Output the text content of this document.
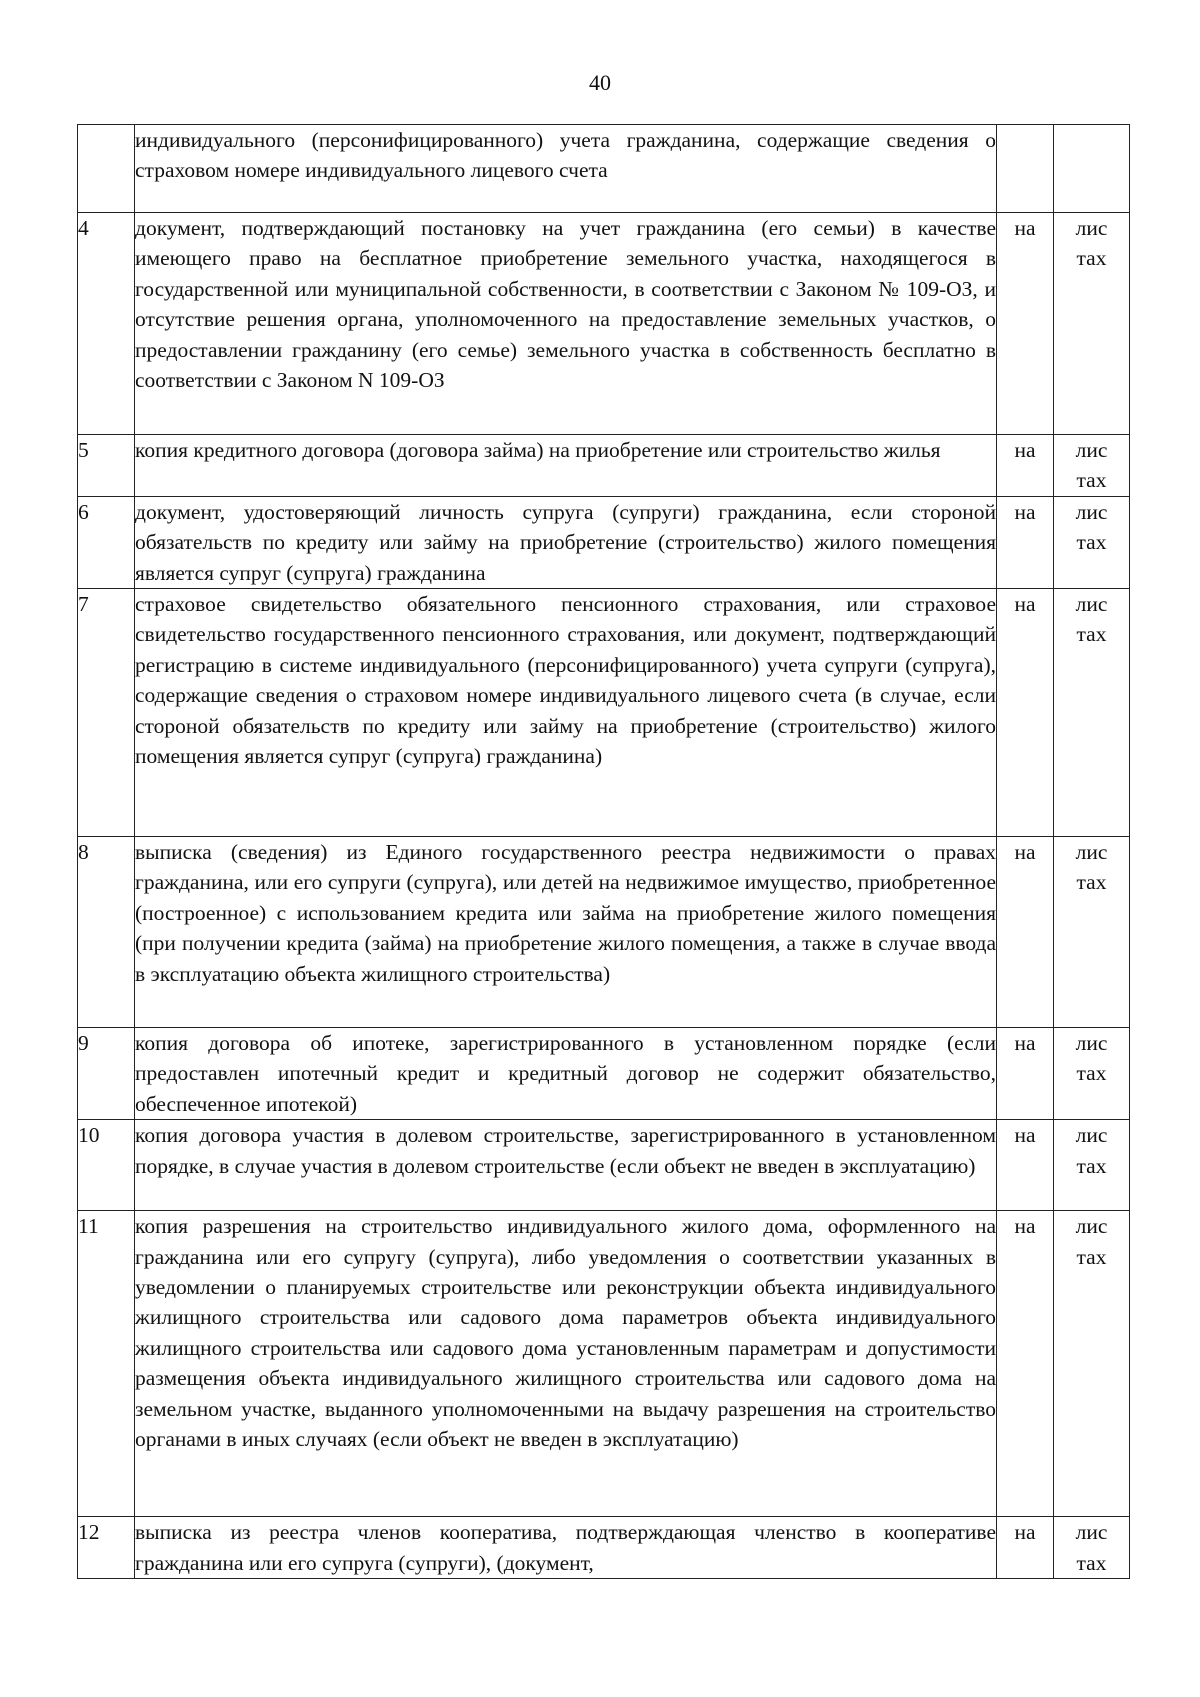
40
	индивидуального (персонифицированного) учета гражданина, содержащие сведения о страховом номере индивидуального лицевого счета		

4	документ, подтверждающий постановку на учет гражданина (его семьи) в качестве имеющего право на бесплатное приобретение земельного участка, находящегося в государственной или муниципальной собственности, в соответствии с Законом № 109-ОЗ, и отсутствие решения органа, уполномоченного на предоставление земельных участков, о предоставлении гражданину (его семье) земельного участка в собственность бесплатно в соответствии с Законом N 109-ОЗ	на	лис
тах

5	копия кредитного договора (договора займа) на приобретение или строительство жилья	на	лис
тах

6	документ, удостоверяющий личность супруга (супруги) гражданина, если стороной обязательств по кредиту или займу на приобретение (строительство) жилого помещения является супруг (супруга) гражданина	на	лис
тах

7	страховое свидетельство обязательного пенсионного страхования, или страховое свидетельство государственного пенсионного страхования, или документ, подтверждающий регистрацию в системе индивидуального (персонифицированного) учета супруги (супруга), содержащие сведения о страховом номере индивидуального лицевого счета (в случае, если стороной обязательств по кредиту или займу на приобретение (строительство) жилого помещения является супруг (супруга) гражданина)	на	лис
тах

8	выписка (сведения) из Единого государственного реестра недвижимости о правах гражданина, или его супруги (супруга), или детей на недвижимое имущество, приобретенное (построенное) с использованием кредита или займа на приобретение жилого помещения (при получении кредита (займа) на приобретение жилого помещения, а также в случае ввода в эксплуатацию объекта жилищного строительства)	на	лис
тах

9	копия договора об ипотеке, зарегистрированного в установленном порядке (если предоставлен ипотечный кредит и кредитный договор не содержит обязательство, обеспеченное ипотекой)	на	лис
тах

10	копия договора участия в долевом строительстве, зарегистрированного в установленном порядке, в случае участия в долевом строительстве (если объект не введен в эксплуатацию)	на	лис
тах

11	копия разрешения на строительство индивидуального жилого дома, оформленного на гражданина или его супругу (супруга), либо уведомления о соответствии указанных в уведомлении о планируемых строительстве или реконструкции объекта индивидуального жилищного строительства или садового дома параметров объекта индивидуального жилищного строительства или садового дома установленным параметрам и допустимости размещения объекта индивидуального жилищного строительства или садового дома на земельном участке, выданного уполномоченными на выдачу разрешения на строительство органами в иных случаях (если объект не введен в эксплуатацию)	на	лис
тах

12	выписка из реестра членов кооператива, подтверждающая членство в кооперативе гражданина или его супруга (супруги), (документ,	на	лис
тах
